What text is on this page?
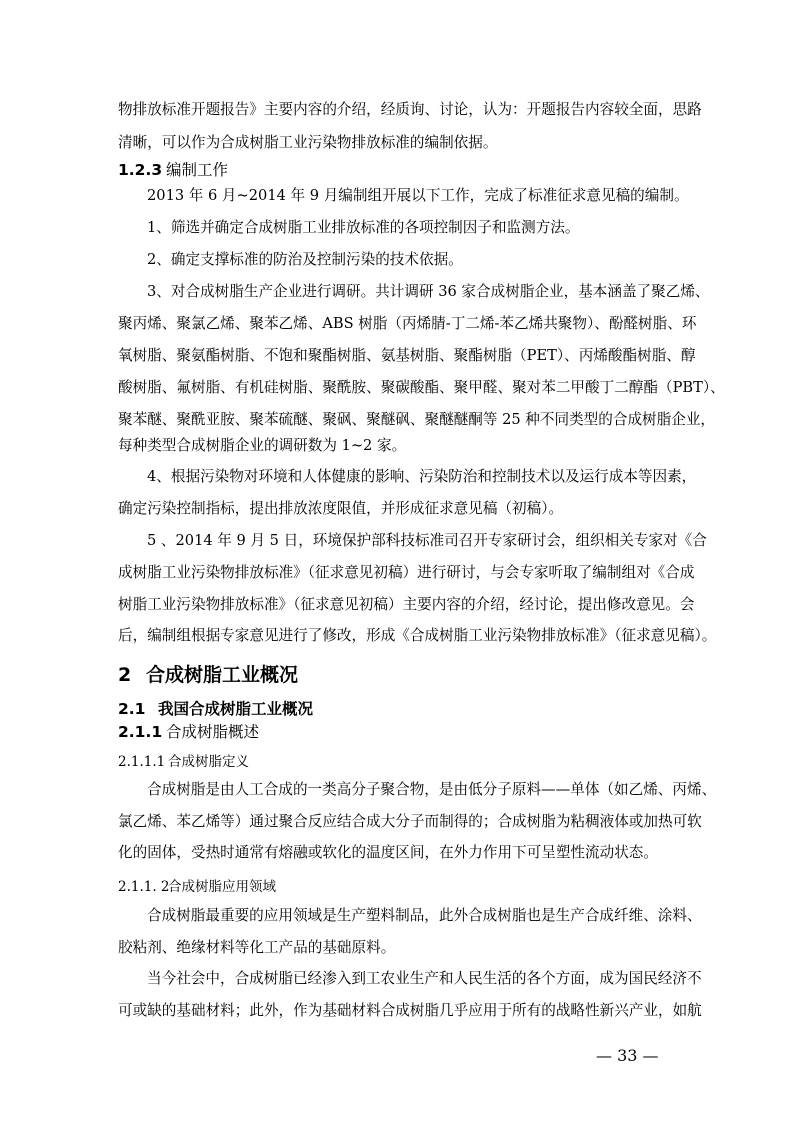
物排放标准开题报告》主要内容的介绍，经质询、讨论，认为：开题报告内容较全面，思路
清晰，可以作为合成树脂工业污染物排放标准的编制依据。
1.2.3 编制工作
2013 年 6 月~2014 年 9 月编制组开展以下工作，完成了标准征求意见稿的编制。
1、筛选并确定合成树脂工业排放标准的各项控制因子和监测方法。
2、确定支撑标准的防治及控制污染的技术依据。
3、对合成树脂生产企业进行调研。共计调研 36 家合成树脂企业，基本涵盖了聚乙烯、
聚丙烯、聚氯乙烯、聚苯乙烯、ABS 树脂（丙烯腈-丁二烯-苯乙烯共聚物）、酚醛树脂、环
氧树脂、聚氨酯树脂、不饱和聚酯树脂、氨基树脂、聚酯树脂（PET）、丙烯酸酯树脂、醇
酸树脂、氟树脂、有机硅树脂、聚酰胺、聚碳酸酯、聚甲醛、聚对苯二甲酸丁二醇酯（PBT）、
聚苯醚、聚酰亚胺、聚苯硫醚、聚砜、聚醚砜、聚醚醚酮等 25 种不同类型的合成树脂企业，
每种类型合成树脂企业的调研数为 1~2 家。
4、根据污染物对环境和人体健康的影响、污染防治和控制技术以及运行成本等因素，
确定污染控制指标，提出排放浓度限值，并形成征求意见稿（初稿）。
5 、2014 年 9 月 5 日，环境保护部科技标准司召开专家研讨会，组织相关专家对《合
成树脂工业污染物排放标准》（征求意见初稿）进行研讨，与会专家听取了编制组对《合成
树脂工业污染物排放标准》（征求意见初稿）主要内容的介绍，经讨论，提出修改意见。会
后，编制组根据专家意见进行了修改，形成《合成树脂工业污染物排放标准》（征求意见稿）。
2 合成树脂工业概况
2.1 我国合成树脂工业概况
2.1.1 合成树脂概述
2.1.1.1 合成树脂定义
合成树脂是由人工合成的一类高分子聚合物，是由低分子原料——单体（如乙烯、丙烯、
氯乙烯、苯乙烯等）通过聚合反应结合成大分子而制得的；合成树脂为粘稠液体或加热可软
化的固体，受热时通常有熔融或软化的温度区间，在外力作用下可呈塑性流动状态。
2.1.1. 2合成树脂应用领域
合成树脂最重要的应用领域是生产塑料制品，此外合成树脂也是生产合成纤维、涂料、
胶粘剂、绝缘材料等化工产品的基础原料。
当今社会中，合成树脂已经渗入到工农业生产和人民生活的各个方面，成为国民经济不
可或缺的基础材料；此外，作为基础材料合成树脂几乎应用于所有的战略性新兴产业，如航
— 33 —
